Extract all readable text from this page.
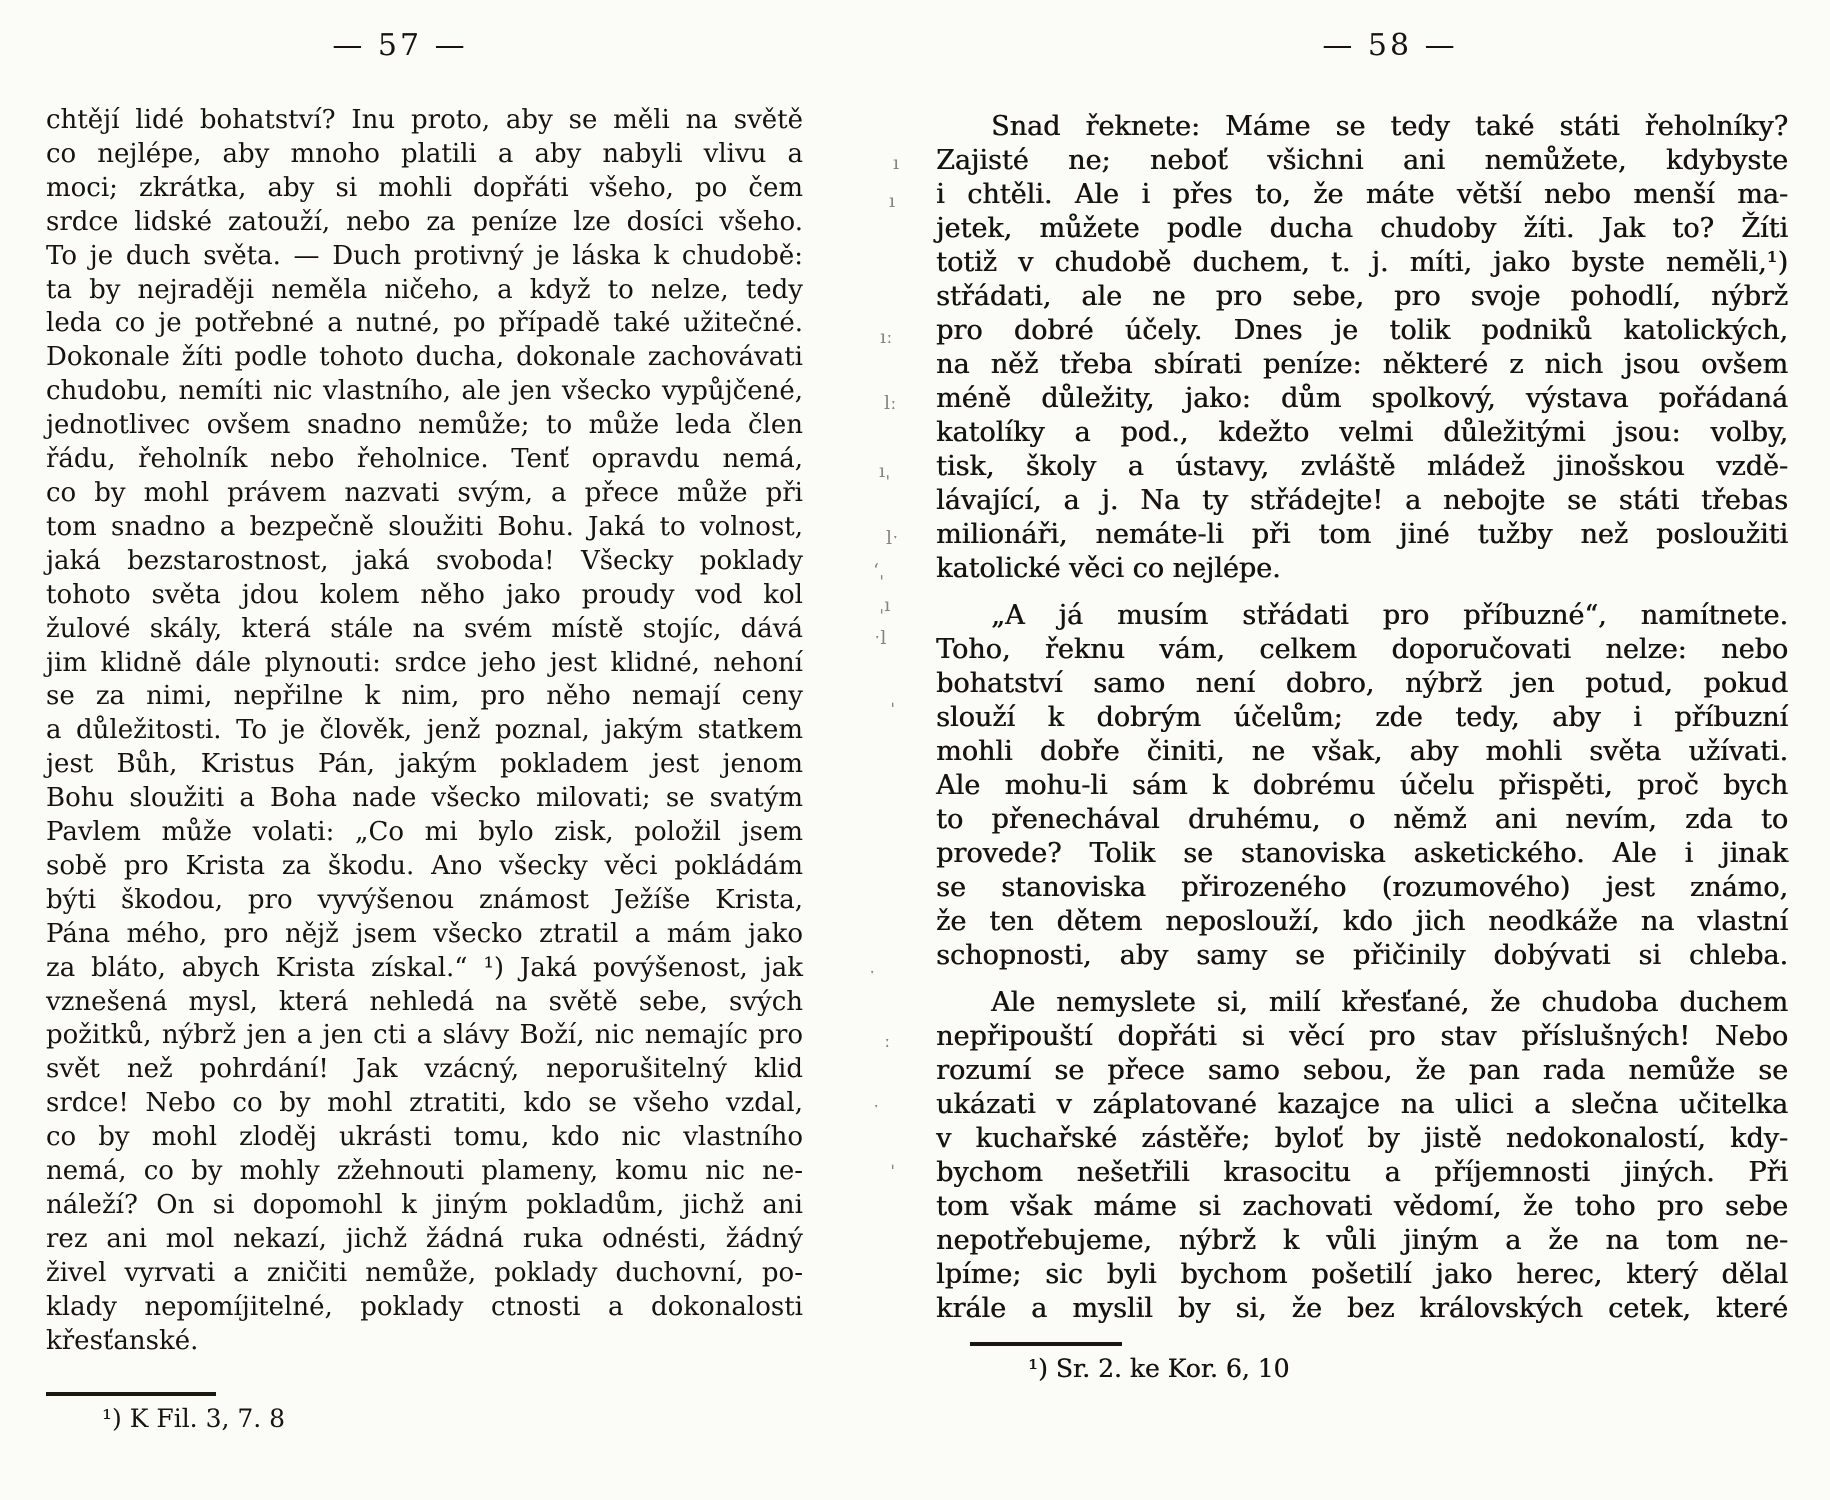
— 57 —	— 58 —
chtějí lidé bohatství? Inu proto, aby se měli na světě
co nejlépe, aby mnoho platili a aby nabyli vlivu a
moci; zkrátka, aby si mohli dopřáti všeho, po čem
srdce lidské zatouží, nebo za peníze lze dosíci všeho.
To je duch světa. — Duch protivný je láska k chudobě:
ta by nejraději neměla ničeho, a když to nelze, tedy
leda co je potřebné a nutné, po případě také užitečné.
Dokonale žíti podle tohoto ducha, dokonale zachovávati
chudobu, nemíti nic vlastního, ale jen všecko vypůjčené,
jednotlivec ovšem snadno nemůže; to může leda člen
řádu, řeholník nebo řeholnice. Tenť opravdu nemá,
co by mohl právem nazvati svým, a přece může při
tom snadno a bezpečně sloužiti Bohu. Jaká to volnost,
jaká bezstarostnost, jaká svoboda! Všecky poklady
tohoto světa jdou kolem něho jako proudy vod kol
žulové skály, která stále na svém místě stojíc, dává
jim klidně dále plynouti: srdce jeho jest klidné, nehoní
se za nimi, nepřilne k nim, pro něho nemají ceny
a důležitosti. To je člověk, jenž poznal, jakým statkem
jest Bůh, Kristus Pán, jakým pokladem jest jenom
Bohu sloužiti a Boha nade všecko milovati; se svatým
Pavlem může volati: „Co mi bylo zisk, položil jsem
sobě pro Krista za škodu. Ano všecky věci pokládám
býti škodou, pro vyvýšenou známost Ježíše Krista,
Pána mého, pro nějž jsem všecko ztratil a mám jako
za bláto, abych Krista získal.“ ¹) Jaká povýšenost, jak
vznešená mysl, která nehledá na světě sebe, svých
požitků, nýbrž jen a jen cti a slávy Boží, nic nemajíc pro
svět než pohrdání! Jak vzácný, neporušitelný klid
srdce! Nebo co by mohl ztratiti, kdo se všeho vzdal,
co by mohl zloděj ukrásti tomu, kdo nic vlastního
nemá, co by mohly zžehnouti plameny, komu nic ne-
náleží? On si dopomohl k jiným pokladům, jichž ani
rez ani mol nekazí, jichž žádná ruka odnésti, žádný
živel vyrvati a zničiti nemůže, poklady duchovní, po-
klady nepomíjitelné, poklady ctnosti a dokonalosti
křesťanské.
Snad řeknete: Máme se tedy také státi řeholníky?
Zajisté ne; neboť všichni ani nemůžete, kdybyste
i chtěli. Ale i přes to, že máte větší nebo menší ma-
jetek, můžete podle ducha chudoby žíti. Jak to? Žíti
totiž v chudobě duchem, t. j. míti, jako byste neměli,¹)
střádati, ale ne pro sebe, pro svoje pohodlí, nýbrž
pro dobré účely. Dnes je tolik podniků katolických,
na něž třeba sbírati peníze: některé z nich jsou ovšem
méně důležity, jako: dům spolkový, výstava pořádaná
katolíky a pod., kdežto velmi důležitými jsou: volby,
tisk, školy a ústavy, zvláště mládež jinošskou vzdě-
lávající, a j. Na ty střádejte! a nebojte se státi třebas
milionáři, nemáte-li při tom jiné tužby než posloužiti
katolické věci co nejlépe.
„A já musím střádati pro příbuzné“, namítnete.
Toho, řeknu vám, celkem doporučovati nelze: nebo
bohatství samo není dobro, nýbrž jen potud, pokud
slouží k dobrým účelům; zde tedy, aby i příbuzní
mohli dobře činiti, ne však, aby mohli světa užívati.
Ale mohu-li sám k dobrému účelu přispěti, proč bych
to přenechával druhému, o němž ani nevím, zda to
provede? Tolik se stanoviska asketického. Ale i jinak
se stanoviska přirozeného (rozumového) jest známo,
že ten dětem neposlouží, kdo jich neodkáže na vlastní
schopnosti, aby samy se přičinily dobývati si chleba.
Ale nemyslete si, milí křesťané, že chudoba duchem
nepřipouští dopřáti si věcí pro stav příslušných! Nebo
rozumí se přece samo sebou, že pan rada nemůže se
ukázati v záplatované kazajce na ulici a slečna učitelka
v kuchařské zástěře; byloť by jistě nedokonalostí, kdy-
bychom nešetřili krasocitu a příjemnosti jiných. Při
tom však máme si zachovati vědomí, že toho pro sebe
nepotřebujeme, nýbrž k vůli jiným a že na tom ne-
lpíme; sic byli bychom pošetilí jako herec, který dělal
krále a myslil by si, že bez královských cetek, které
¹) K Fil. 3, 7. 8
¹) Sr. 2. ke Kor. 6, 10
ı
ı
ıː
lː
ıˌ
lˑ
ʻˌ
ˌı
ˑl
ˈ
ˑ
ː
ˑ
ˈ
